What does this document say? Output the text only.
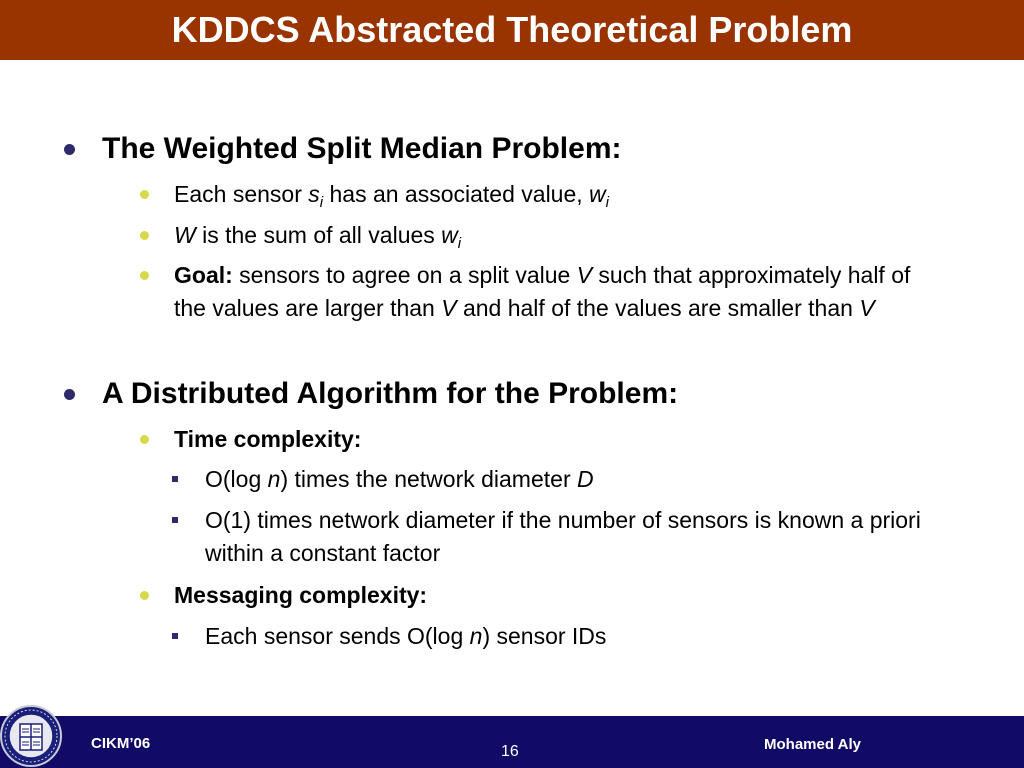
KDDCS Abstracted Theoretical Problem
The Weighted Split Median Problem:
Each sensor $s_i$ has an associated value, $w_i$
W is the sum of all values $w_i$
Goal: sensors to agree on a split value V such that approximately half of the values are larger than V and half of the values are smaller than V
A Distributed Algorithm for the Problem:
Time complexity:
O(log n) times the network diameter D
O(1) times network diameter if the number of sensors is known a priori within a constant factor
Messaging complexity:
Each sensor sends O(log n) sensor IDs
CIKM’06	16	Mohamed Aly
